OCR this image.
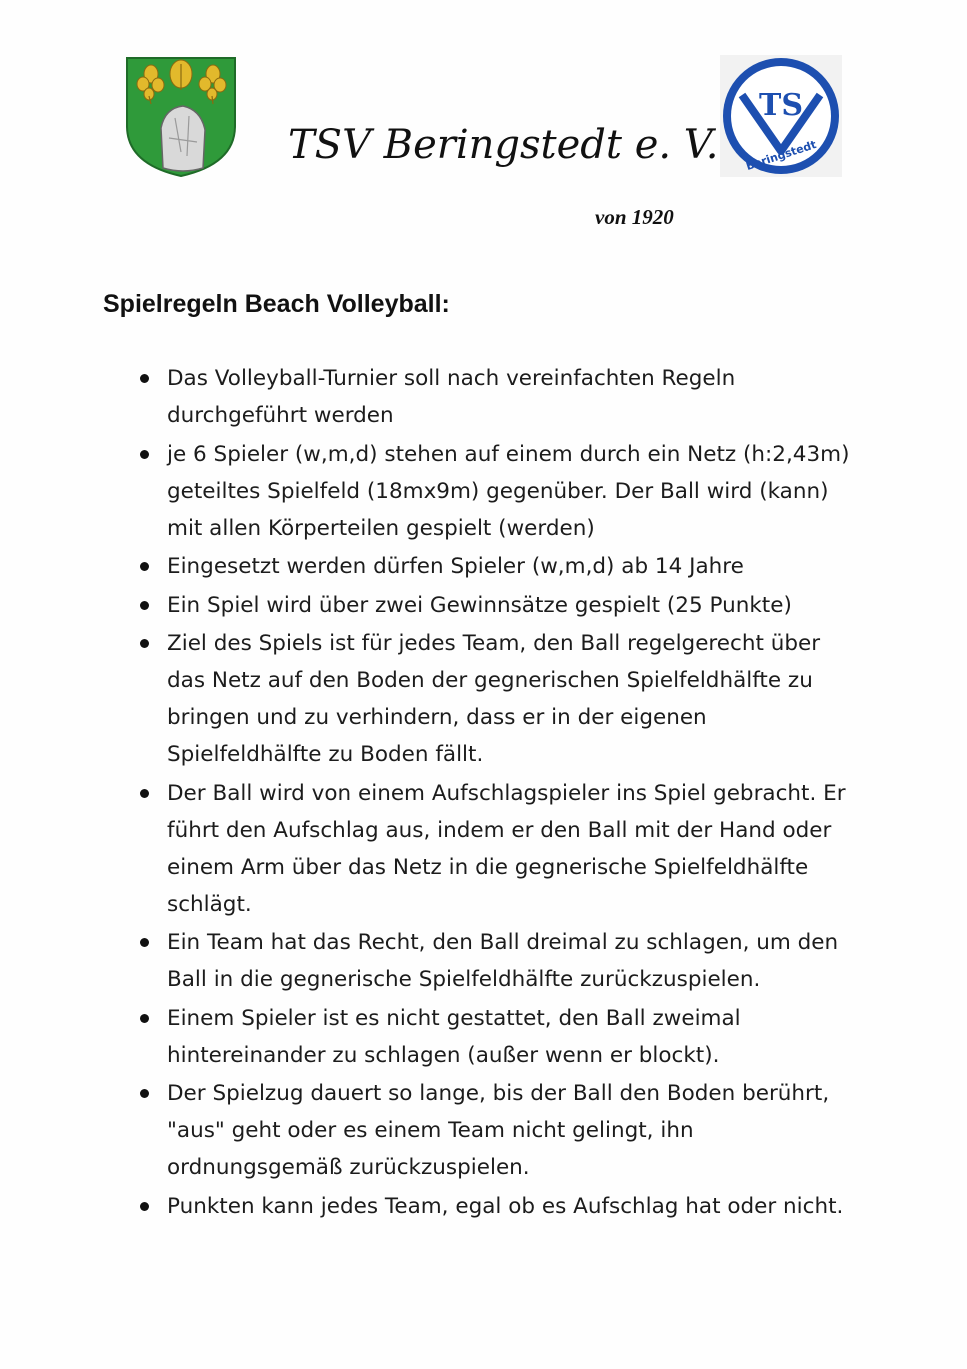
TSV Beringstedt e. V.
TS
Beringstedt
von 1920
Spielregeln Beach Volleyball:
Das Volleyball-Turnier soll nach vereinfachten Regeln durchgeführt werden
je 6 Spieler (w,m,d) stehen auf einem durch ein Netz (h:2,43m) geteiltes Spielfeld (18mx9m) gegenüber. Der Ball wird (kann) mit allen Körperteilen gespielt (werden)
Eingesetzt werden dürfen Spieler (w,m,d) ab 14 Jahre
Ein Spiel wird über zwei Gewinnsätze gespielt (25 Punkte)
Ziel des Spiels ist für jedes Team, den Ball regelgerecht über das Netz auf den Boden der gegnerischen Spielfeldhälfte zu bringen und zu verhindern, dass er in der eigenen Spielfeldhälfte zu Boden fällt.
Der Ball wird von einem Aufschlagspieler ins Spiel gebracht. Er führt den Aufschlag aus, indem er den Ball mit der Hand oder einem Arm über das Netz in die gegnerische Spielfeldhälfte schlägt.
Ein Team hat das Recht, den Ball dreimal zu schlagen, um den Ball in die gegnerische Spielfeldhälfte zurückzuspielen.
Einem Spieler ist es nicht gestattet, den Ball zweimal hintereinander zu schlagen (außer wenn er blockt).
Der Spielzug dauert so lange, bis der Ball den Boden berührt, "aus" geht oder es einem Team nicht gelingt, ihn ordnungsgemäß zurückzuspielen.
Punkten kann jedes Team, egal ob es Aufschlag hat oder nicht.
